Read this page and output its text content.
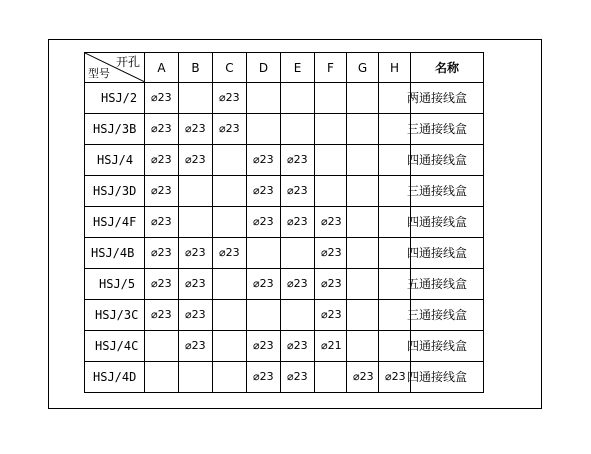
开孔
型号	A	B	C	D	E	F	G	H	名称

HSJ/2	⌀23		⌀23						两通接线盒

HSJ/3B	⌀23	⌀23	⌀23						三通接线盒

HSJ/4	⌀23	⌀23		⌀23	⌀23				四通接线盒

HSJ/3D	⌀23			⌀23	⌀23				三通接线盒

HSJ/4F	⌀23			⌀23	⌀23	⌀23			四通接线盒

HSJ/4B	⌀23	⌀23	⌀23			⌀23			四通接线盒

HSJ/5	⌀23	⌀23		⌀23	⌀23	⌀23			五通接线盒

HSJ/3C	⌀23	⌀23				⌀23			三通接线盒

HSJ/4C		⌀23		⌀23	⌀23	⌀21			四通接线盒

HSJ/4D				⌀23	⌀23		⌀23	⌀23	四通接线盒
